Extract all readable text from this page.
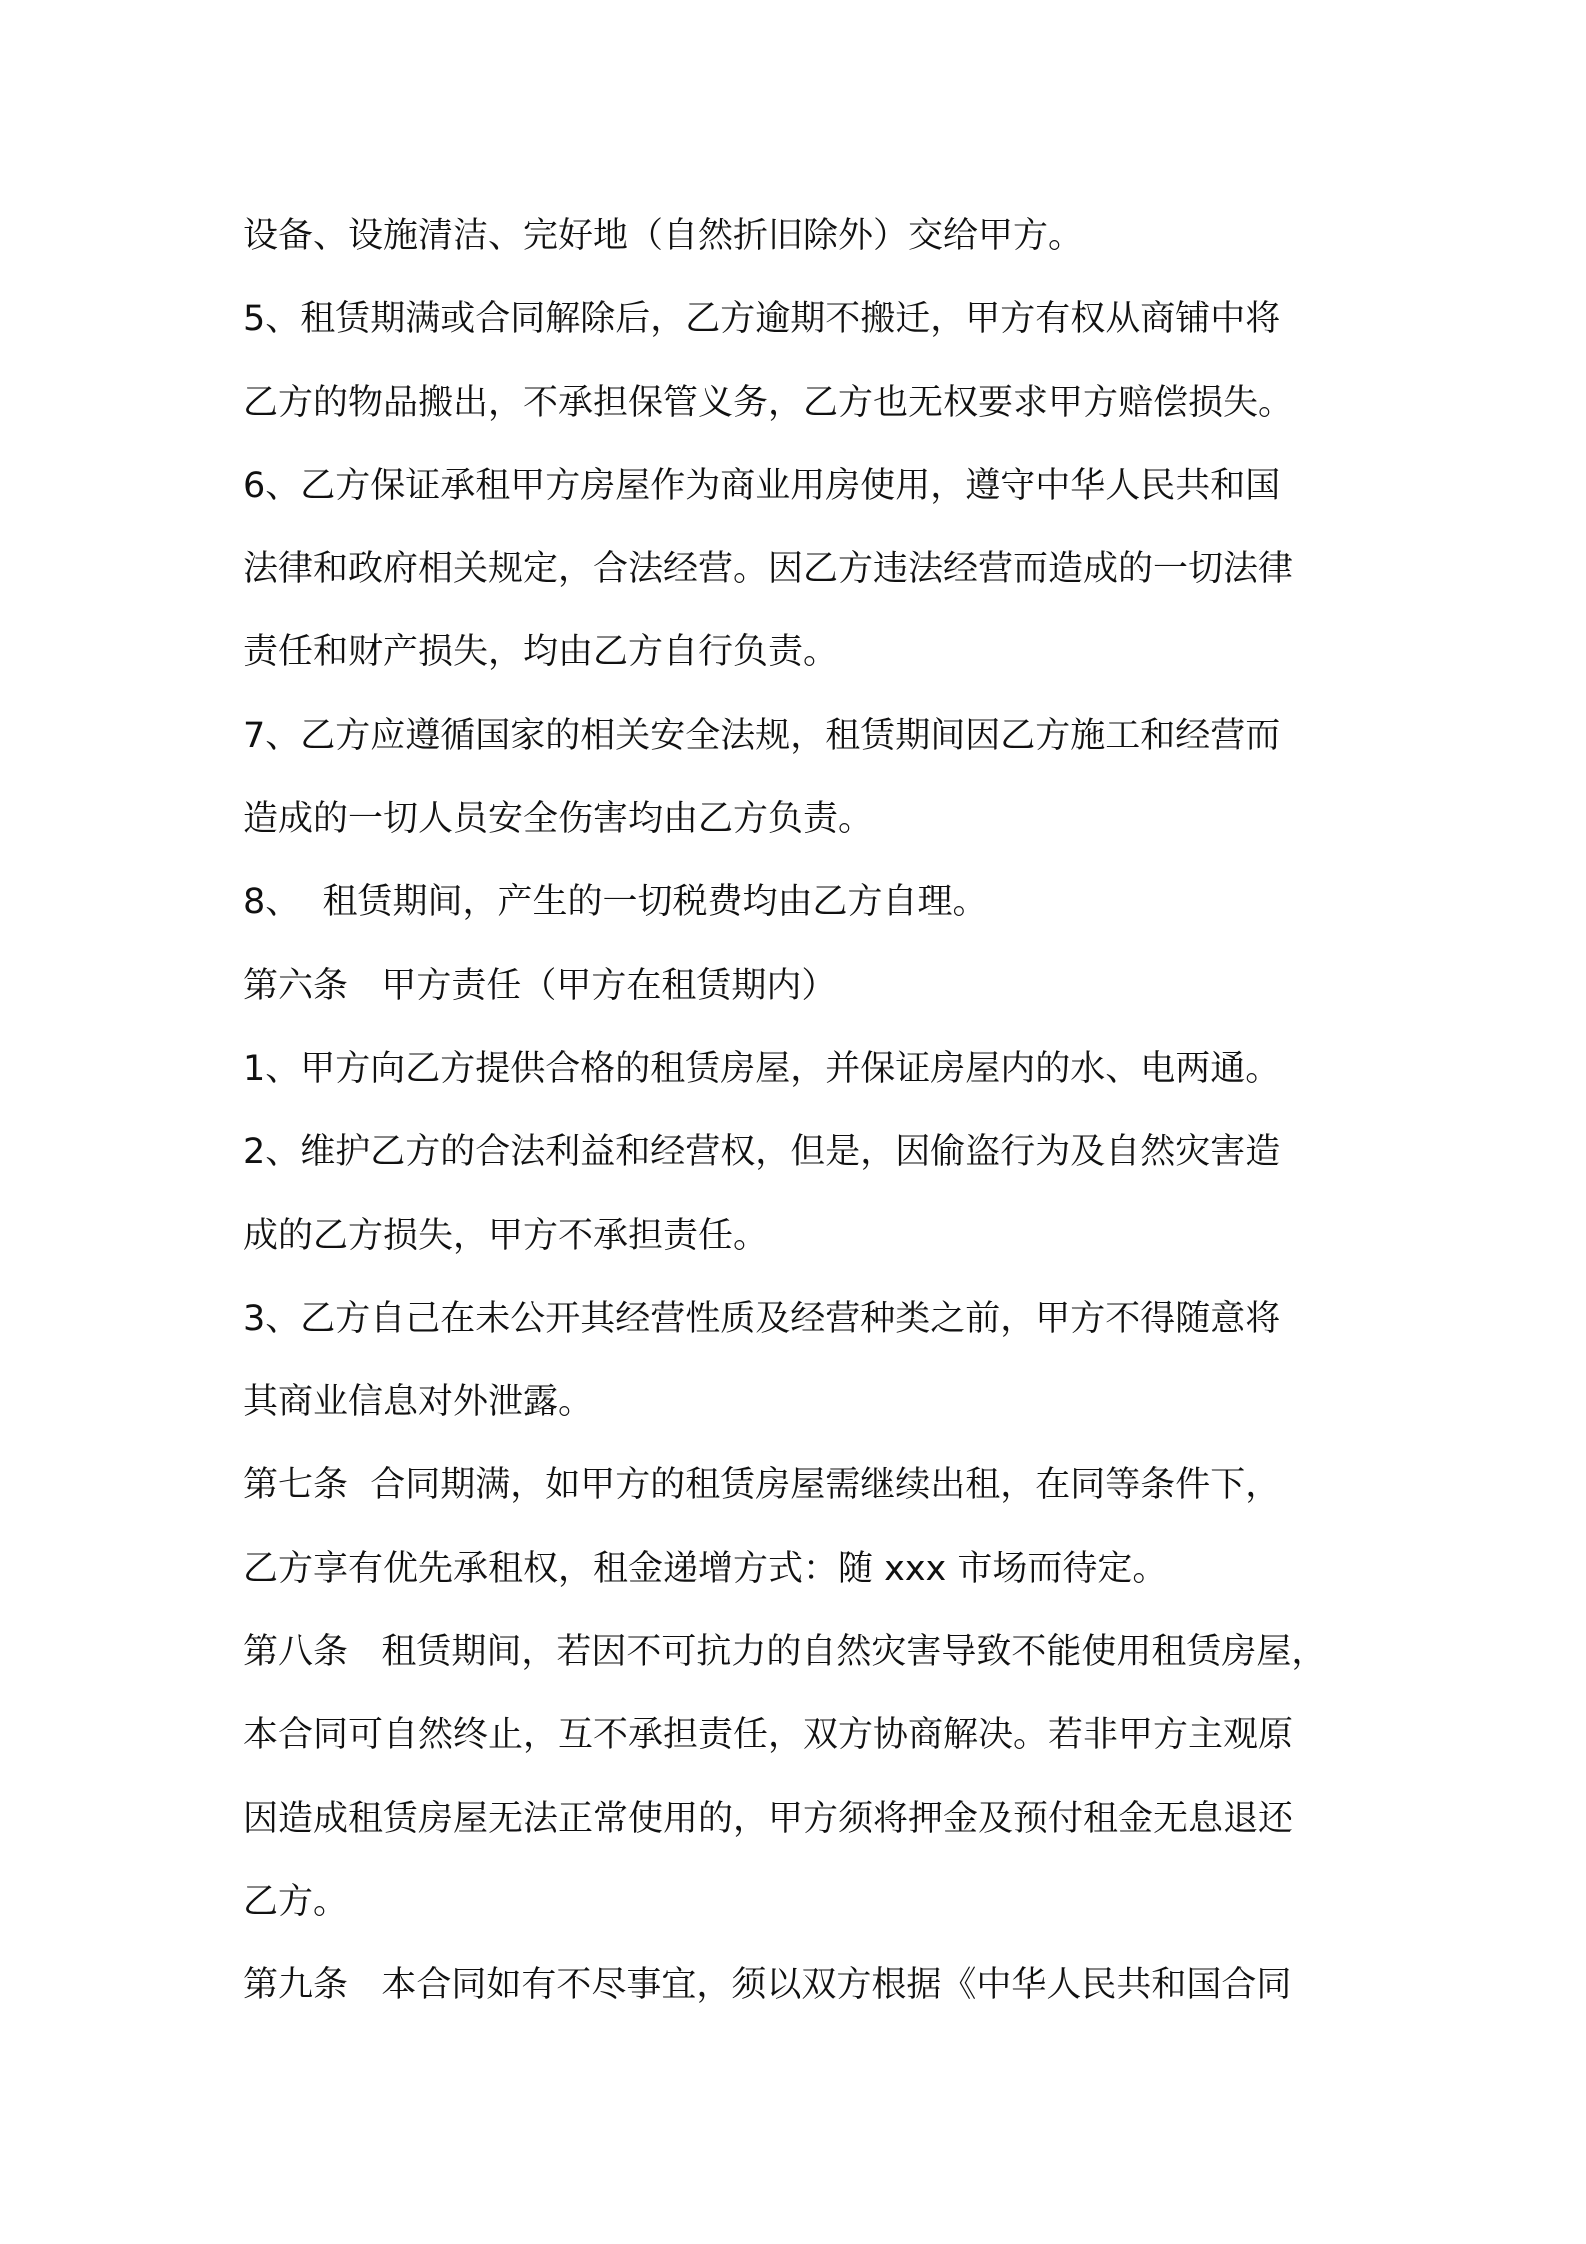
设备、设施清洁、完好地（自然折旧除外）交给甲方。
5、租赁期满或合同解除后，乙方逾期不搬迁，甲方有权从商铺中将
乙方的物品搬出，不承担保管义务，乙方也无权要求甲方赔偿损失。
6、乙方保证承租甲方房屋作为商业用房使用，遵守中华人民共和国
法律和政府相关规定，合法经营。因乙方违法经营而造成的一切法律
责任和财产损失，均由乙方自行负责。
7、乙方应遵循国家的相关安全法规，租赁期间因乙方施工和经营而
造成的一切人员安全伤害均由乙方负责。
8、  租赁期间，产生的一切税费均由乙方自理。
第六条   甲方责任（甲方在租赁期内）
1、甲方向乙方提供合格的租赁房屋，并保证房屋内的水、电两通。
2、维护乙方的合法利益和经营权，但是，因偷盗行为及自然灾害造
成的乙方损失，甲方不承担责任。
3、乙方自己在未公开其经营性质及经营种类之前，甲方不得随意将
其商业信息对外泄露。
第七条  合同期满，如甲方的租赁房屋需继续出租，在同等条件下，
乙方享有优先承租权，租金递增方式：随 xxx 市场而待定。
第八条   租赁期间，若因不可抗力的自然灾害导致不能使用租赁房屋，
本合同可自然终止，互不承担责任，双方协商解决。若非甲方主观原
因造成租赁房屋无法正常使用的，甲方须将押金及预付租金无息退还
乙方。
第九条   本合同如有不尽事宜，须以双方根据《中华人民共和国合同
